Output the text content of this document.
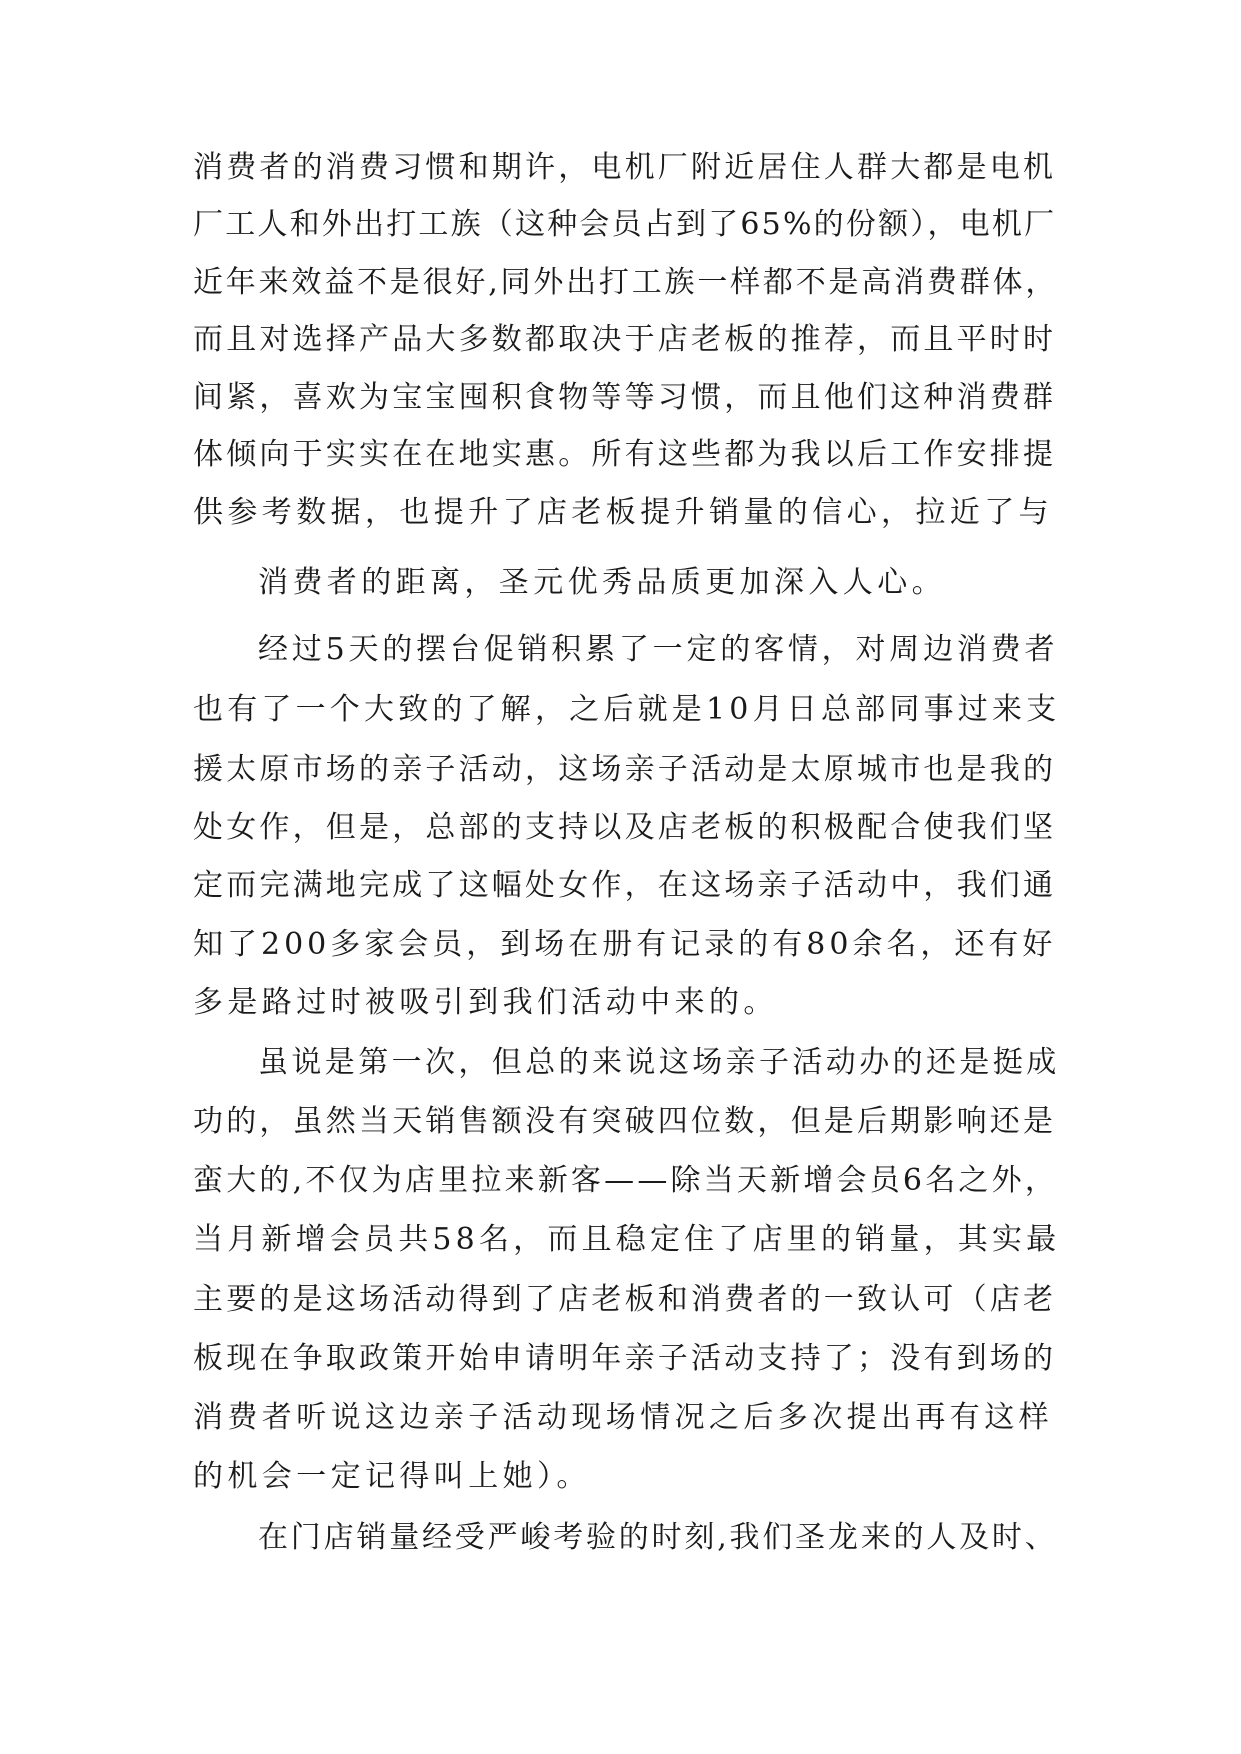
消费者的消费习惯和期许，电机厂附近居住人群大都是电机
厂工人和外出打工族（这种会员占到了65%的份额），电机厂
近年来效益不是很好,同外出打工族一样都不是高消费群体，
而且对选择产品大多数都取决于店老板的推荐，而且平时时
间紧，喜欢为宝宝囤积食物等等习惯，而且他们这种消费群
体倾向于实实在在地实惠。所有这些都为我以后工作安排提
供参考数据，也提升了店老板提升销量的信心，拉近了与
消费者的距离，圣元优秀品质更加深入人心。
经过5天的摆台促销积累了一定的客情，对周边消费者
也有了一个大致的了解，之后就是10月日总部同事过来支
援太原市场的亲子活动，这场亲子活动是太原城市也是我的
处女作，但是，总部的支持以及店老板的积极配合使我们坚
定而完满地完成了这幅处女作，在这场亲子活动中，我们通
知了200多家会员，到场在册有记录的有80余名，还有好
多是路过时被吸引到我们活动中来的。
虽说是第一次，但总的来说这场亲子活动办的还是挺成
功的，虽然当天销售额没有突破四位数，但是后期影响还是
蛮大的,不仅为店里拉来新客——除当天新增会员6名之外，
当月新增会员共58名，而且稳定住了店里的销量，其实最
主要的是这场活动得到了店老板和消费者的一致认可（店老
板现在争取政策开始申请明年亲子活动支持了；没有到场的
消费者听说这边亲子活动现场情况之后多次提出再有这样
的机会一定记得叫上她）。
在门店销量经受严峻考验的时刻,我们圣龙来的人及时、
